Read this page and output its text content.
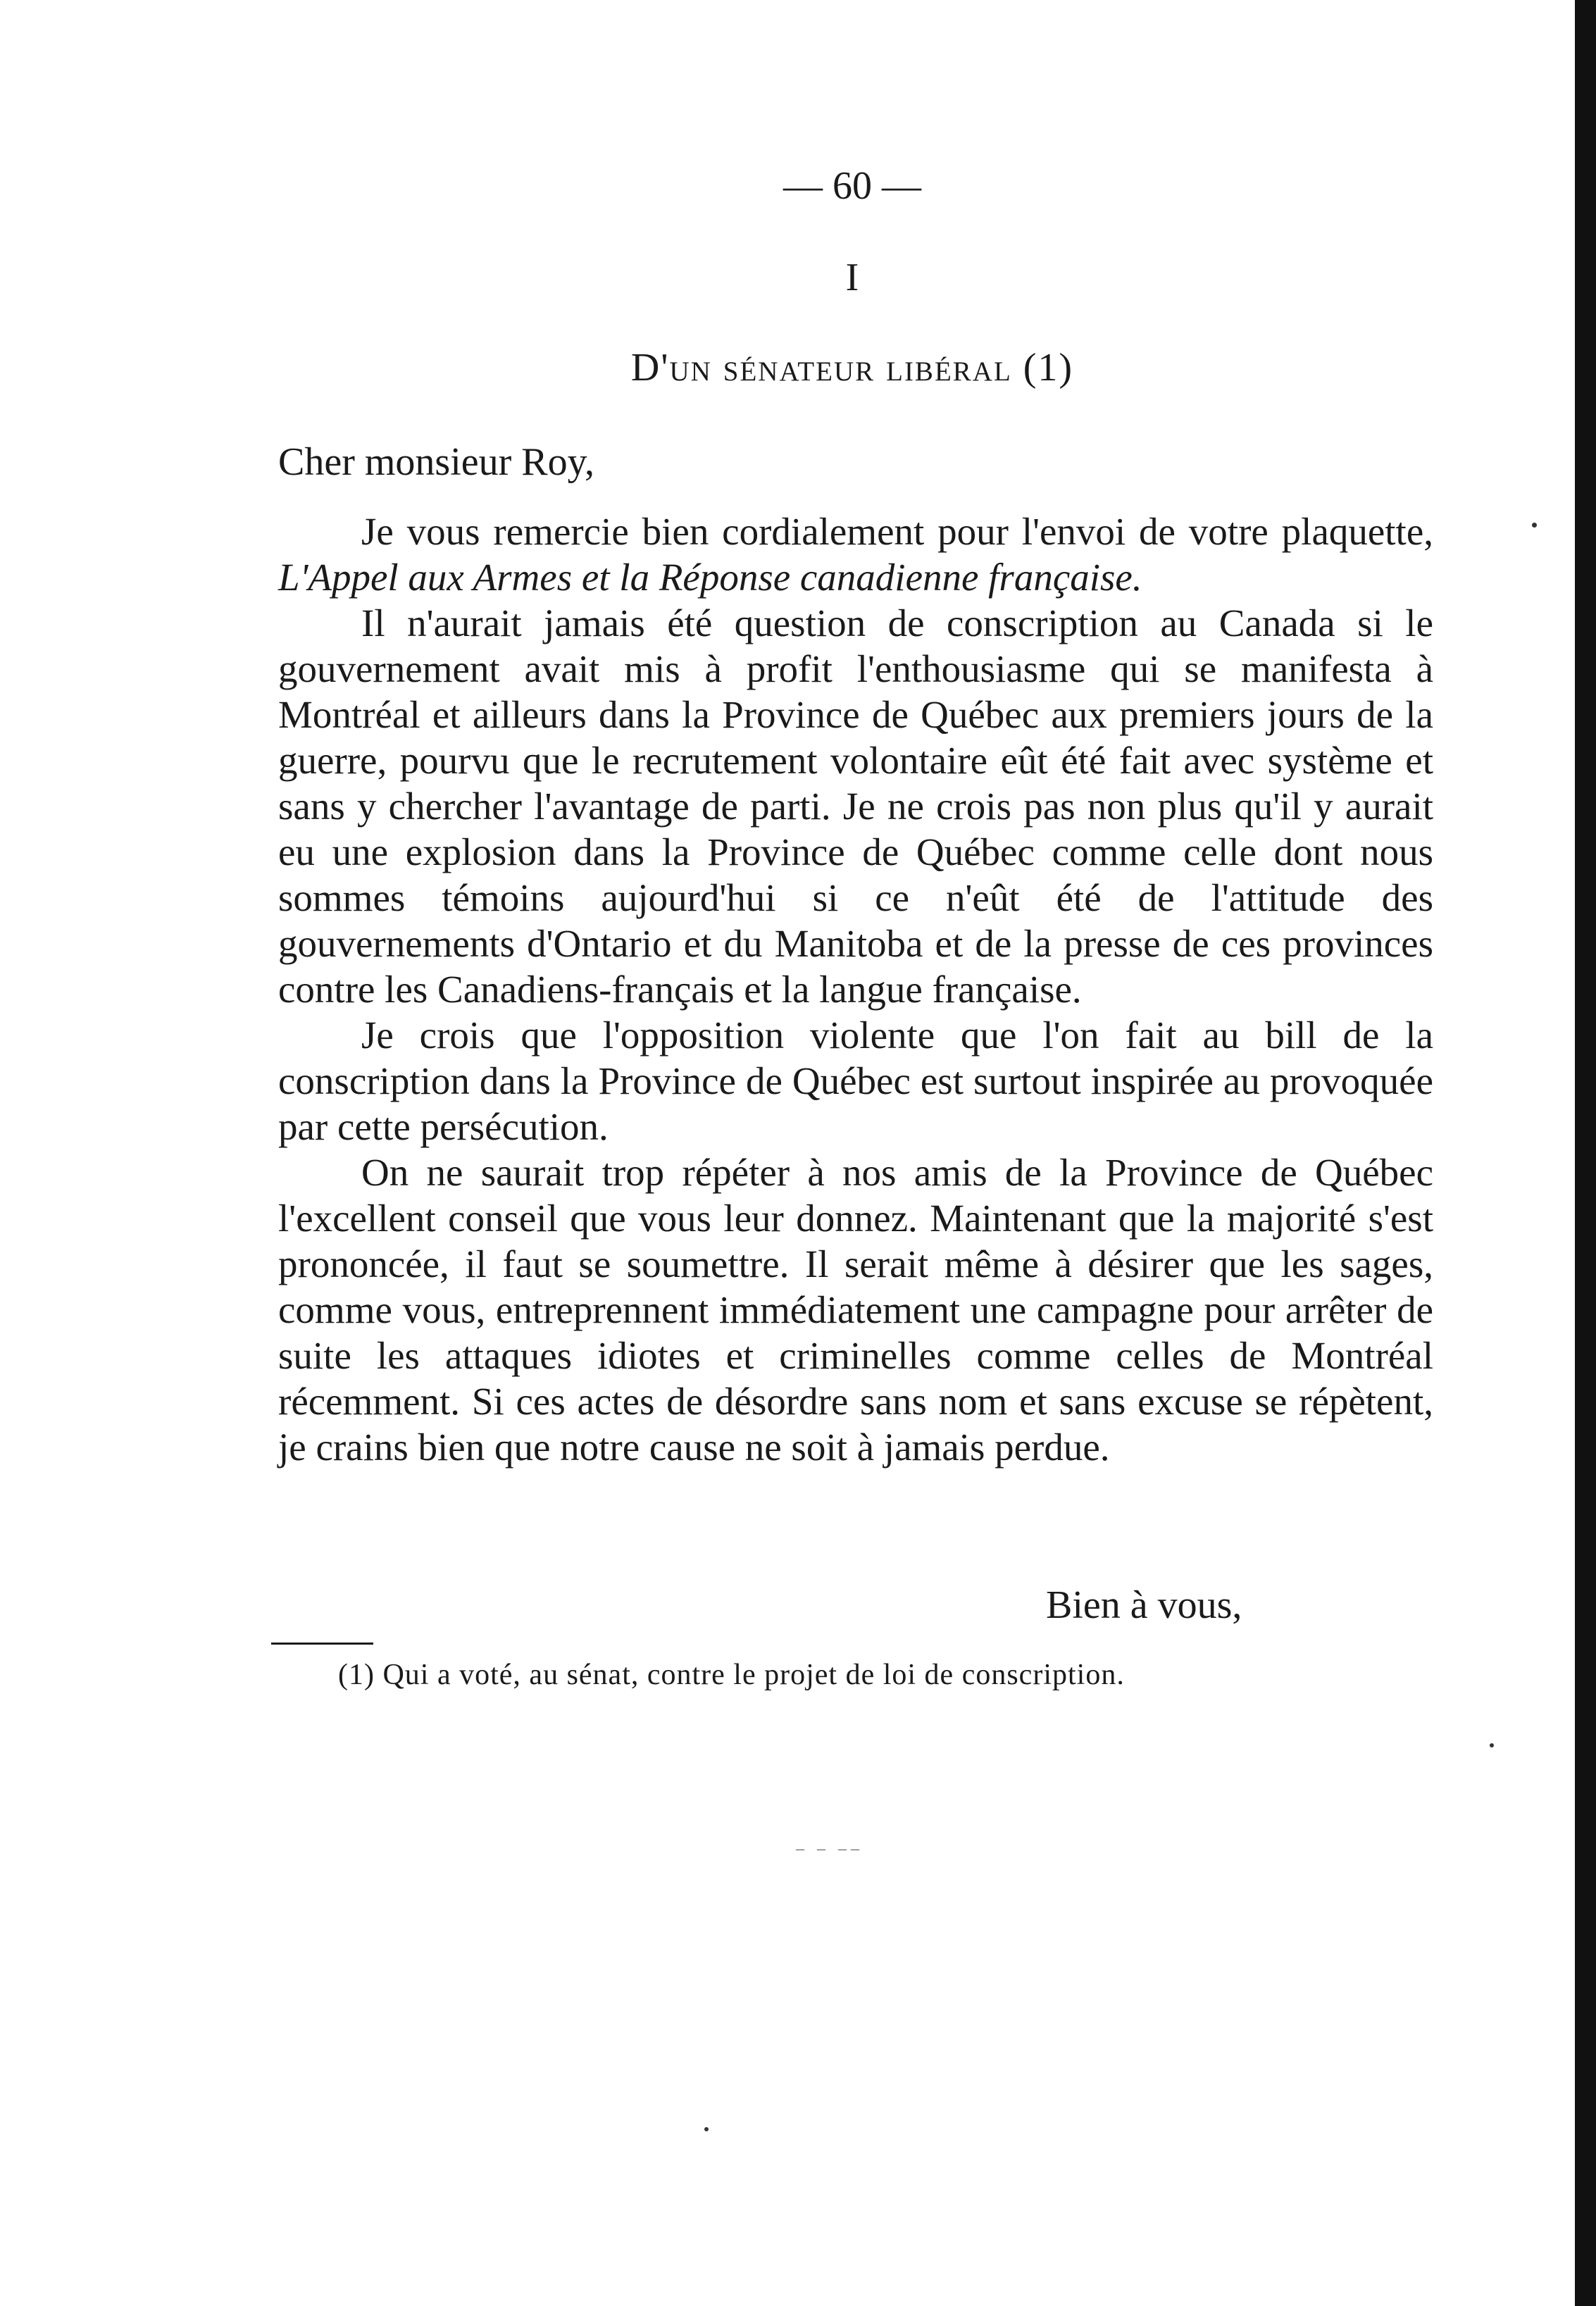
— 60 —
I
D'un sénateur libéral (1)
Cher monsieur Roy,

Je vous remercie bien cordialement pour l'envoi de votre plaquette, L'Appel aux Armes et la Réponse canadienne française.

Il n'aurait jamais été question de conscription au Canada si le gouvernement avait mis à profit l'enthousiasme qui se manifesta à Montréal et ailleurs dans la Province de Québec aux premiers jours de la guerre, pourvu que le recrutement volontaire eût été fait avec système et sans y chercher l'avantage de parti. Je ne crois pas non plus qu'il y aurait eu une explosion dans la Province de Québec comme celle dont nous sommes témoins aujourd'hui si ce n'eût été de l'attitude des gouvernements d'Ontario et du Manitoba et de la presse de ces provinces contre les Canadiens-français et la langue française.

Je crois que l'opposition violente que l'on fait au bill de la conscription dans la Province de Québec est surtout inspirée au provoquée par cette persécution.

On ne saurait trop répéter à nos amis de la Province de Québec l'excellent conseil que vous leur donnez. Maintenant que la majorité s'est prononcée, il faut se soumettre. Il serait même à désirer que les sages, comme vous, entreprennent immédiatement une campagne pour arrêter de suite les attaques idiotes et criminelles comme celles de Montréal récemment. Si ces actes de désordre sans nom et sans excuse se répètent, je crains bien que notre cause ne soit à jamais perdue.

Bien à vous,
(1) Qui a voté, au sénat, contre le projet de loi de conscription.
‒ ‒ ‒‒
